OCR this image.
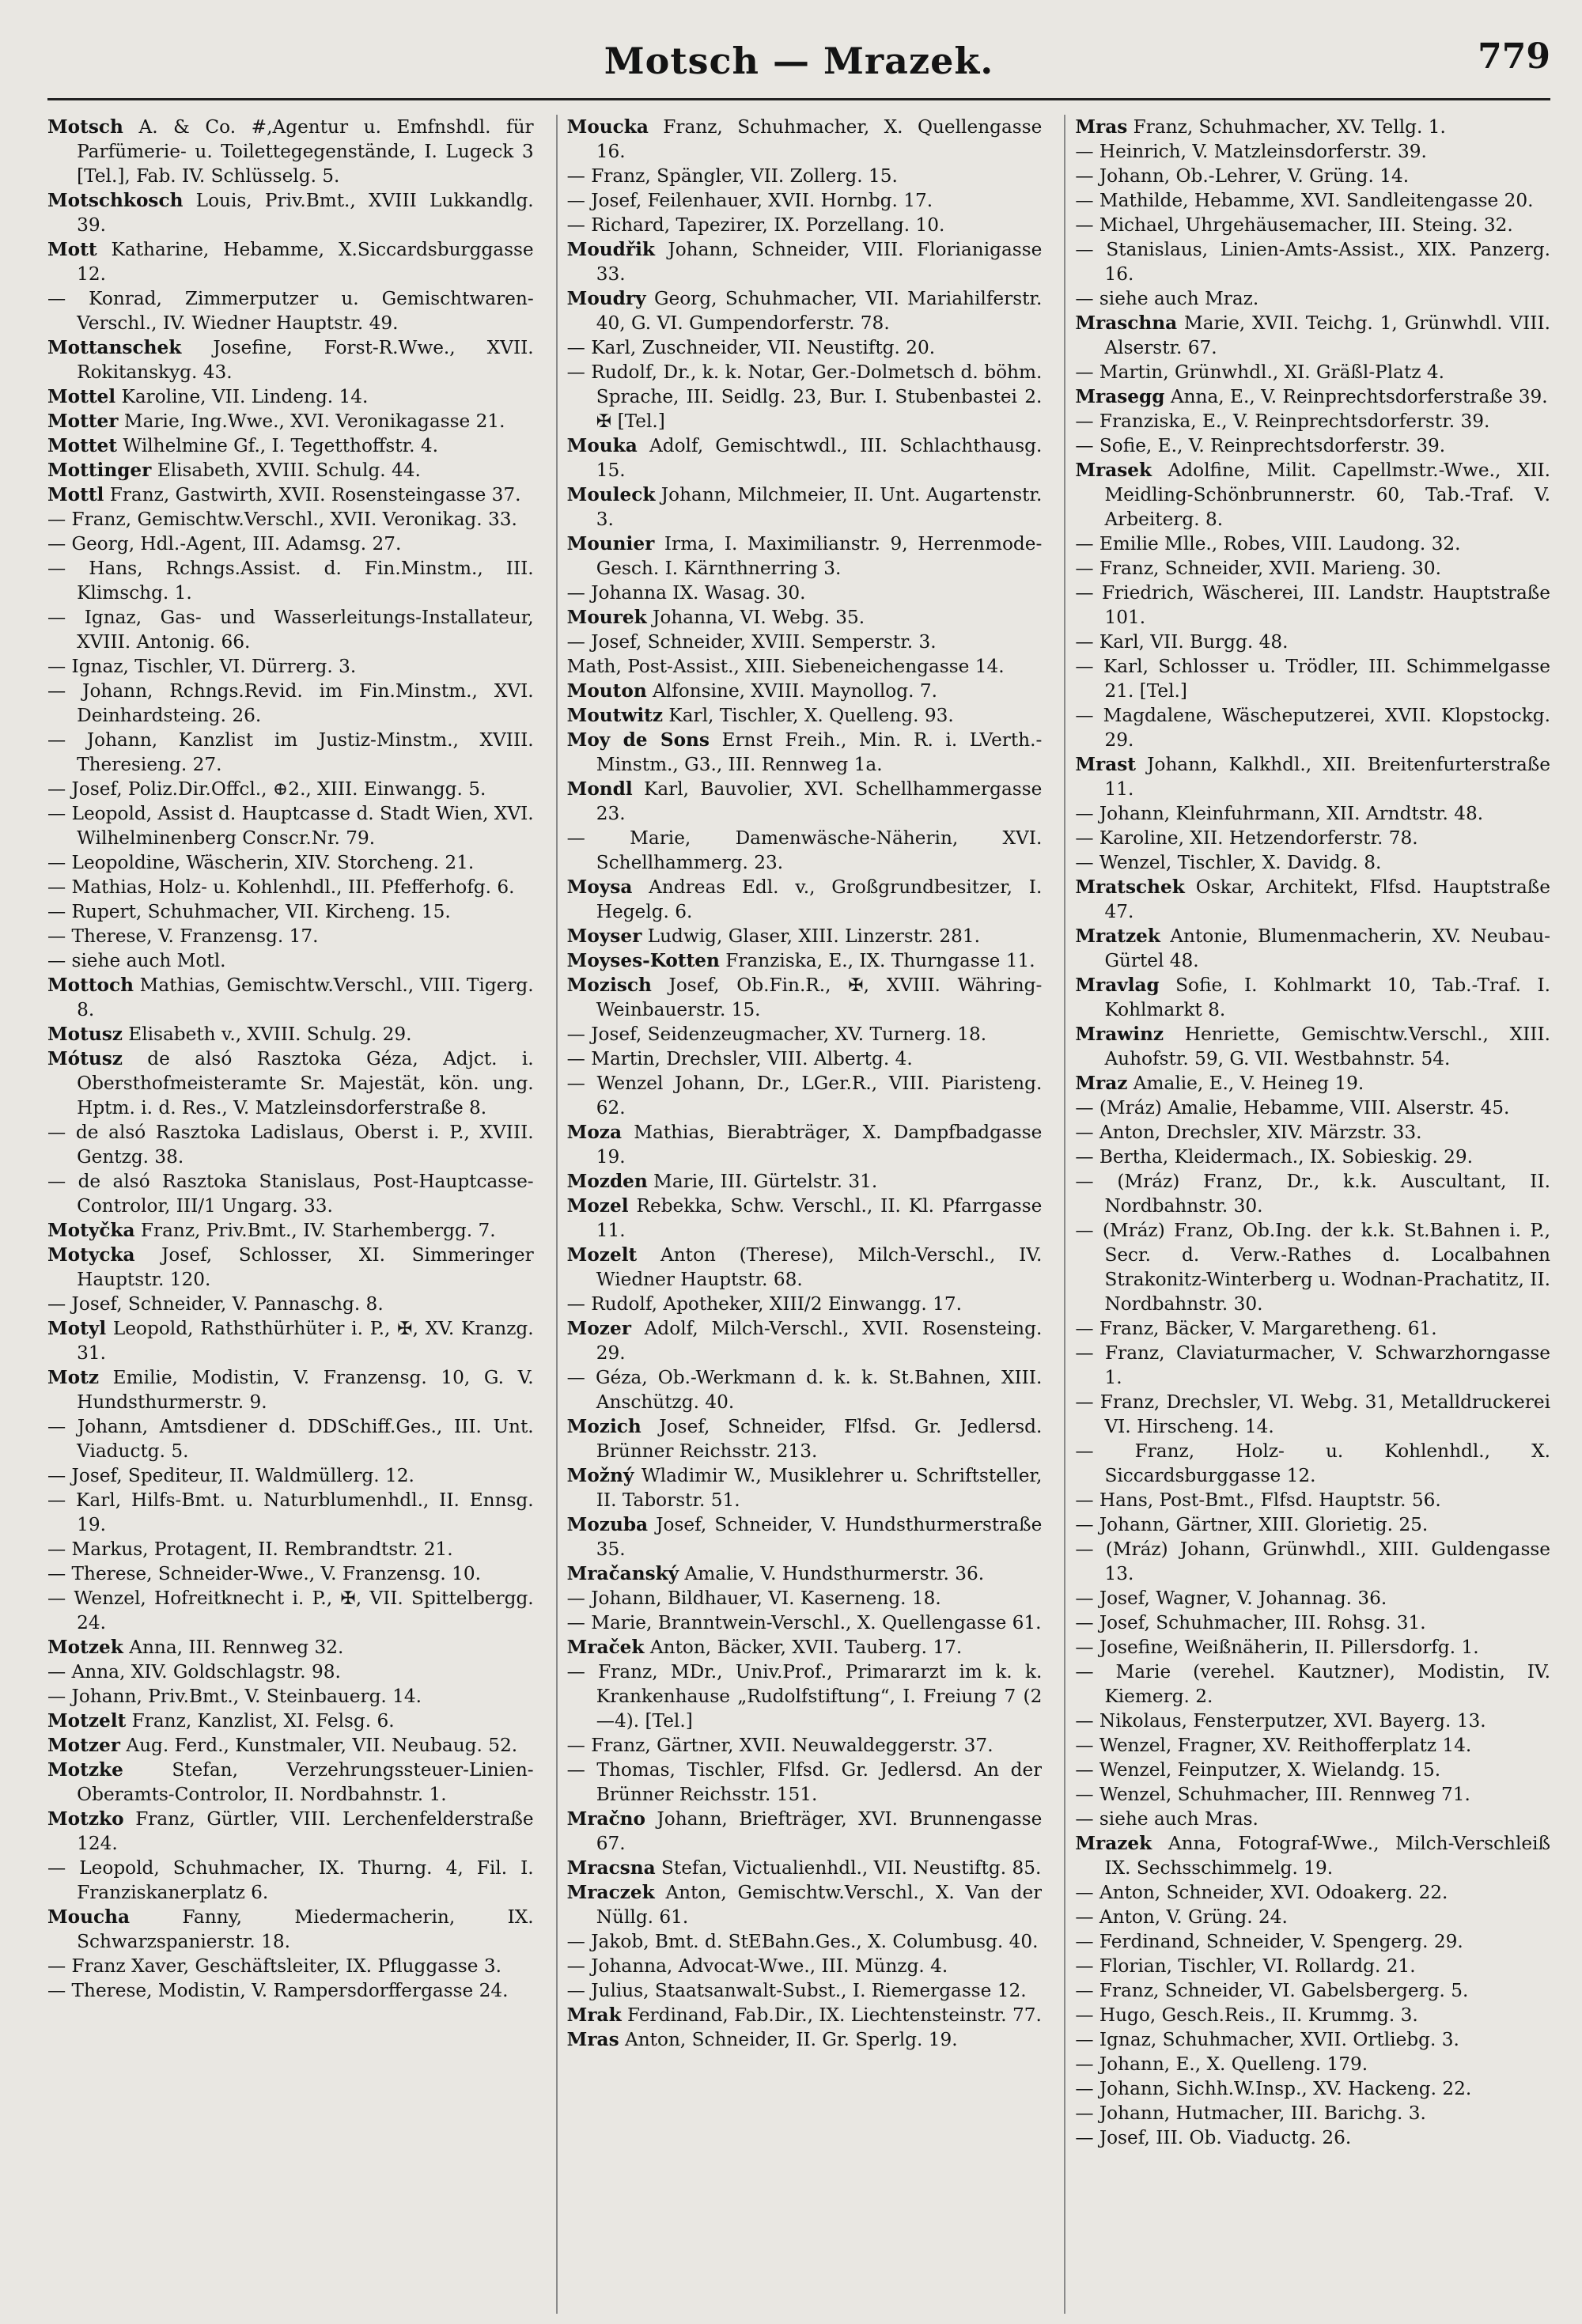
Motsch — Mrazek.	779

Motsch A. & Co. #,Agentur u. Emfnshdl. für Parfümerie- u. Toilettegegenstände, I. Lugeck 3 [Tel.], Fab. IV. Schlüsselg. 5.

Motschkosch Louis, Priv.Bmt., XVIII Lukkandlg. 39.

Mott Katharine, Hebamme, X.Siccardsburggasse 12.

— Konrad, Zimmerputzer u. Gemischtwaren-Verschl., IV. Wiedner Hauptstr. 49.

Mottanschek Josefine, Forst-R.Wwe., XVII. Rokitanskyg. 43.

Mottel Karoline, VII. Lindeng. 14.

Motter Marie, Ing.Wwe., XVI. Veronikagasse 21.

Mottet Wilhelmine Gf., I. Tegetthoffstr. 4.

Mottinger Elisabeth, XVIII. Schulg. 44.

Mottl Franz, Gastwirth, XVII. Rosensteingasse 37.

— Franz, Gemischtw.Verschl., XVII. Veronikag. 33.

— Georg, Hdl.-Agent, III. Adamsg. 27.

— Hans, Rchngs.Assist. d. Fin.Minstm., III. Klimschg. 1.

— Ignaz, Gas- und Wasserleitungs-Installateur, XVIII. Antonig. 66.

— Ignaz, Tischler, VI. Dürrerg. 3.

— Johann, Rchngs.Revid. im Fin.Minstm., XVI. Deinhardsteing. 26.

— Johann, Kanzlist im Justiz-Minstm., XVIII. Theresieng. 27.

— Josef, Poliz.Dir.Offcl., ⊕2., XIII. Einwangg. 5.

— Leopold, Assist d. Hauptcasse d. Stadt Wien, XVI. Wilhelminenberg Conscr.Nr. 79.

— Leopoldine, Wäscherin, XIV. Storcheng. 21.

— Mathias, Holz- u. Kohlenhdl., III. Pfefferhofg. 6.

— Rupert, Schuhmacher, VII. Kircheng. 15.

— Therese, V. Franzensg. 17.

— siehe auch Motl.

Mottoch Mathias, Gemischtw.Verschl., VIII. Tigerg. 8.

Motusz Elisabeth v., XVIII. Schulg. 29.

Mótusz de alsó Rasztoka Géza, Adjct. i. Obersthofmeisteramte Sr. Majestät, kön. ung. Hptm. i. d. Res., V. Matzleinsdorferstraße 8.

— de alsó Rasztoka Ladislaus, Oberst i. P., XVIII. Gentzg. 38.

— de alsó Rasztoka Stanislaus, Post-Hauptcasse-Controlor, III/1 Ungarg. 33.

Motyčka Franz, Priv.Bmt., IV. Starhembergg. 7.

Motycka Josef, Schlosser, XI. Simmeringer Hauptstr. 120.

— Josef, Schneider, V. Pannaschg. 8.

Motyl Leopold, Rathsthürhüter i. P., ✠, XV. Kranzg. 31.

Motz Emilie, Modistin, V. Franzensg. 10, G. V. Hundsthurmerstr. 9.

— Johann, Amtsdiener d. DDSchiff.Ges., III. Unt. Viaductg. 5.

— Josef, Spediteur, II. Waldmüllerg. 12.

— Karl, Hilfs-Bmt. u. Naturblumenhdl., II. Ennsg. 19.

— Markus, Protagent, II. Rembrandtstr. 21.

— Therese, Schneider-Wwe., V. Franzensg. 10.

— Wenzel, Hofreitknecht i. P., ✠, VII. Spittelbergg. 24.

Motzek Anna, III. Rennweg 32.

— Anna, XIV. Goldschlagstr. 98.

— Johann, Priv.Bmt., V. Steinbauerg. 14.

Motzelt Franz, Kanzlist, XI. Felsg. 6.

Motzer Aug. Ferd., Kunstmaler, VII. Neubaug. 52.

Motzke Stefan, Verzehrungssteuer-Linien-Oberamts-Controlor, II. Nordbahnstr. 1.

Motzko Franz, Gürtler, VIII. Lerchenfelderstraße 124.

— Leopold, Schuhmacher, IX. Thurng. 4, Fil. I. Franziskanerplatz 6.

Moucha Fanny, Miedermacherin, IX. Schwarzspanierstr. 18.

— Franz Xaver, Geschäftsleiter, IX. Pfluggasse 3.

— Therese, Modistin, V. Rampersdorffergasse 24.

Moucka Franz, Schuhmacher, X. Quellengasse 16.

— Franz, Spängler, VII. Zollerg. 15.

— Josef, Feilenhauer, XVII. Hornbg. 17.

— Richard, Tapezirer, IX. Porzellang. 10.

Moudřik Johann, Schneider, VIII. Florianigasse 33.

Moudry Georg, Schuhmacher, VII. Mariahilferstr. 40, G. VI. Gumpendorferstr. 78.

— Karl, Zuschneider, VII. Neustiftg. 20.

— Rudolf, Dr., k. k. Notar, Ger.-Dolmetsch d. böhm. Sprache, III. Seidlg. 23, Bur. I. Stubenbastei 2. ✠ [Tel.]

Mouka Adolf, Gemischtwdl., III. Schlachthausg. 15.

Mouleck Johann, Milchmeier, II. Unt. Augartenstr. 3.

Mounier Irma, I. Maximilianstr. 9, Herrenmode-Gesch. I. Kärnthnerring 3.

— Johanna IX. Wasag. 30.

Mourek Johanna, VI. Webg. 35.

— Josef, Schneider, XVIII. Semperstr. 3.

Math, Post-Assist., XIII. Siebeneichengasse 14.

Mouton Alfonsine, XVIII. Maynollog. 7.

Moutwitz Karl, Tischler, X. Quelleng. 93.

Moy de Sons Ernst Freih., Min. R. i. LVerth.-Minstm., G3., III. Rennweg 1a.

Mondl Karl, Bauvolier, XVI. Schellhammergasse 23.

— Marie, Damenwäsche-Näherin, XVI. Schellhammerg. 23.

Moysa Andreas Edl. v., Großgrundbesitzer, I. Hegelg. 6.

Moyser Ludwig, Glaser, XIII. Linzerstr. 281.

Moyses-Kotten Franziska, E., IX. Thurngasse 11.

Mozisch Josef, Ob.Fin.R., ✠, XVIII. Währing-Weinbauerstr. 15.

— Josef, Seidenzeugmacher, XV. Turnerg. 18.

— Martin, Drechsler, VIII. Albertg. 4.

— Wenzel Johann, Dr., LGer.R., VIII. Piaristeng. 62.

Moza Mathias, Bierabträger, X. Dampfbadgasse 19.

Mozden Marie, III. Gürtelstr. 31.

Mozel Rebekka, Schw. Verschl., II. Kl. Pfarrgasse 11.

Mozelt Anton (Therese), Milch-Verschl., IV. Wiedner Hauptstr. 68.

— Rudolf, Apotheker, XIII/2 Einwangg. 17.

Mozer Adolf, Milch-Verschl., XVII. Rosensteing. 29.

— Géza, Ob.-Werkmann d. k. k. St.Bahnen, XIII. Anschützg. 40.

Mozich Josef, Schneider, Flfsd. Gr. Jedlersd. Brünner Reichsstr. 213.

Možný Wladimir W., Musiklehrer u. Schriftsteller, II. Taborstr. 51.

Mozuba Josef, Schneider, V. Hundsthurmerstraße 35.

Mračanský Amalie, V. Hundsthurmerstr. 36.

— Johann, Bildhauer, VI. Kaserneng. 18.

— Marie, Branntwein-Verschl., X. Quellengasse 61.

Mraček Anton, Bäcker, XVII. Tauberg. 17.

— Franz, MDr., Univ.Prof., Primararzt im k. k. Krankenhause „Rudolfstiftung“, I. Freiung 7 (2—4). [Tel.]

— Franz, Gärtner, XVII. Neuwaldeggerstr. 37.

— Thomas, Tischler, Flfsd. Gr. Jedlersd. An der Brünner Reichsstr. 151.

Mračno Johann, Briefträger, XVI. Brunnengasse 67.

Mracsna Stefan, Victualienhdl., VII. Neustiftg. 85.

Mraczek Anton, Gemischtw.Verschl., X. Van der Nüllg. 61.

— Jakob, Bmt. d. StEBahn.Ges., X. Columbusg. 40.

— Johanna, Advocat-Wwe., III. Münzg. 4.

— Julius, Staatsanwalt-Subst., I. Riemergasse 12.

Mrak Ferdinand, Fab.Dir., IX. Liechtensteinstr. 77.

Mras Anton, Schneider, II. Gr. Sperlg. 19.

Mras Franz, Schuhmacher, XV. Tellg. 1.

— Heinrich, V. Matzleinsdorferstr. 39.

— Johann, Ob.-Lehrer, V. Grüng. 14.

— Mathilde, Hebamme, XVI. Sandleitengasse 20.

— Michael, Uhrgehäusemacher, III. Steing. 32.

— Stanislaus, Linien-Amts-Assist., XIX. Panzerg. 16.

— siehe auch Mraz.

Mraschna Marie, XVII. Teichg. 1, Grünwhdl. VIII. Alserstr. 67.

— Martin, Grünwhdl., XI. Gräßl-Platz 4.

Mrasegg Anna, E., V. Reinprechtsdorferstraße 39.

— Franziska, E., V. Reinprechtsdorferstr. 39.

— Sofie, E., V. Reinprechtsdorferstr. 39.

Mrasek Adolfine, Milit. Capellmstr.-Wwe., XII. Meidling-Schönbrunnerstr. 60, Tab.-Traf. V. Arbeiterg. 8.

— Emilie Mlle., Robes, VIII. Laudong. 32.

— Franz, Schneider, XVII. Marieng. 30.

— Friedrich, Wäscherei, III. Landstr. Hauptstraße 101.

— Karl, VII. Burgg. 48.

— Karl, Schlosser u. Trödler, III. Schimmelgasse 21. [Tel.]

— Magdalene, Wäscheputzerei, XVII. Klopstockg. 29.

Mrast Johann, Kalkhdl., XII. Breitenfurterstraße 11.

— Johann, Kleinfuhrmann, XII. Arndtstr. 48.

— Karoline, XII. Hetzendorferstr. 78.

— Wenzel, Tischler, X. Davidg. 8.

Mratschek Oskar, Architekt, Flfsd. Hauptstraße 47.

Mratzek Antonie, Blumenmacherin, XV. Neubau-Gürtel 48.

Mravlag Sofie, I. Kohlmarkt 10, Tab.-Traf. I. Kohlmarkt 8.

Mrawinz Henriette, Gemischtw.Verschl., XIII. Auhofstr. 59, G. VII. Westbahnstr. 54.

Mraz Amalie, E., V. Heineg 19.

— (Mráz) Amalie, Hebamme, VIII. Alserstr. 45.

— Anton, Drechsler, XIV. Märzstr. 33.

— Bertha, Kleidermach., IX. Sobieskig. 29.

— (Mráz) Franz, Dr., k.k. Auscultant, II. Nordbahnstr. 30.

— (Mráz) Franz, Ob.Ing. der k.k. St.Bahnen i. P., Secr. d. Verw.-Rathes d. Localbahnen Strakonitz-Winterberg u. Wodnan-Prachatitz, II. Nordbahnstr. 30.

— Franz, Bäcker, V. Margaretheng. 61.

— Franz, Claviaturmacher, V. Schwarzhorngasse 1.

— Franz, Drechsler, VI. Webg. 31, Metalldruckerei VI. Hirscheng. 14.

— Franz, Holz- u. Kohlenhdl., X. Siccardsburggasse 12.

— Hans, Post-Bmt., Flfsd. Hauptstr. 56.

— Johann, Gärtner, XIII. Glorietig. 25.

— (Mráz) Johann, Grünwhdl., XIII. Guldengasse 13.

— Josef, Wagner, V. Johannag. 36.

— Josef, Schuhmacher, III. Rohsg. 31.

— Josefine, Weißnäherin, II. Pillersdorfg. 1.

— Marie (verehel. Kautzner), Modistin, IV. Kiemerg. 2.

— Nikolaus, Fensterputzer, XVI. Bayerg. 13.

— Wenzel, Fragner, XV. Reithofferplatz 14.

— Wenzel, Feinputzer, X. Wielandg. 15.

— Wenzel, Schuhmacher, III. Rennweg 71.

— siehe auch Mras.

Mrazek Anna, Fotograf-Wwe., Milch-Verschleiß IX. Sechsschimmelg. 19.

— Anton, Schneider, XVI. Odoakerg. 22.

— Anton, V. Grüng. 24.

— Ferdinand, Schneider, V. Spengerg. 29.

— Florian, Tischler, VI. Rollardg. 21.

— Franz, Schneider, VI. Gabelsbergerg. 5.

— Hugo, Gesch.Reis., II. Krummg. 3.

— Ignaz, Schuhmacher, XVII. Ortliebg. 3.

— Johann, E., X. Quelleng. 179.

— Johann, Sichh.W.Insp., XV. Hackeng. 22.

— Johann, Hutmacher, III. Barichg. 3.

— Josef, III. Ob. Viaductg. 26.
